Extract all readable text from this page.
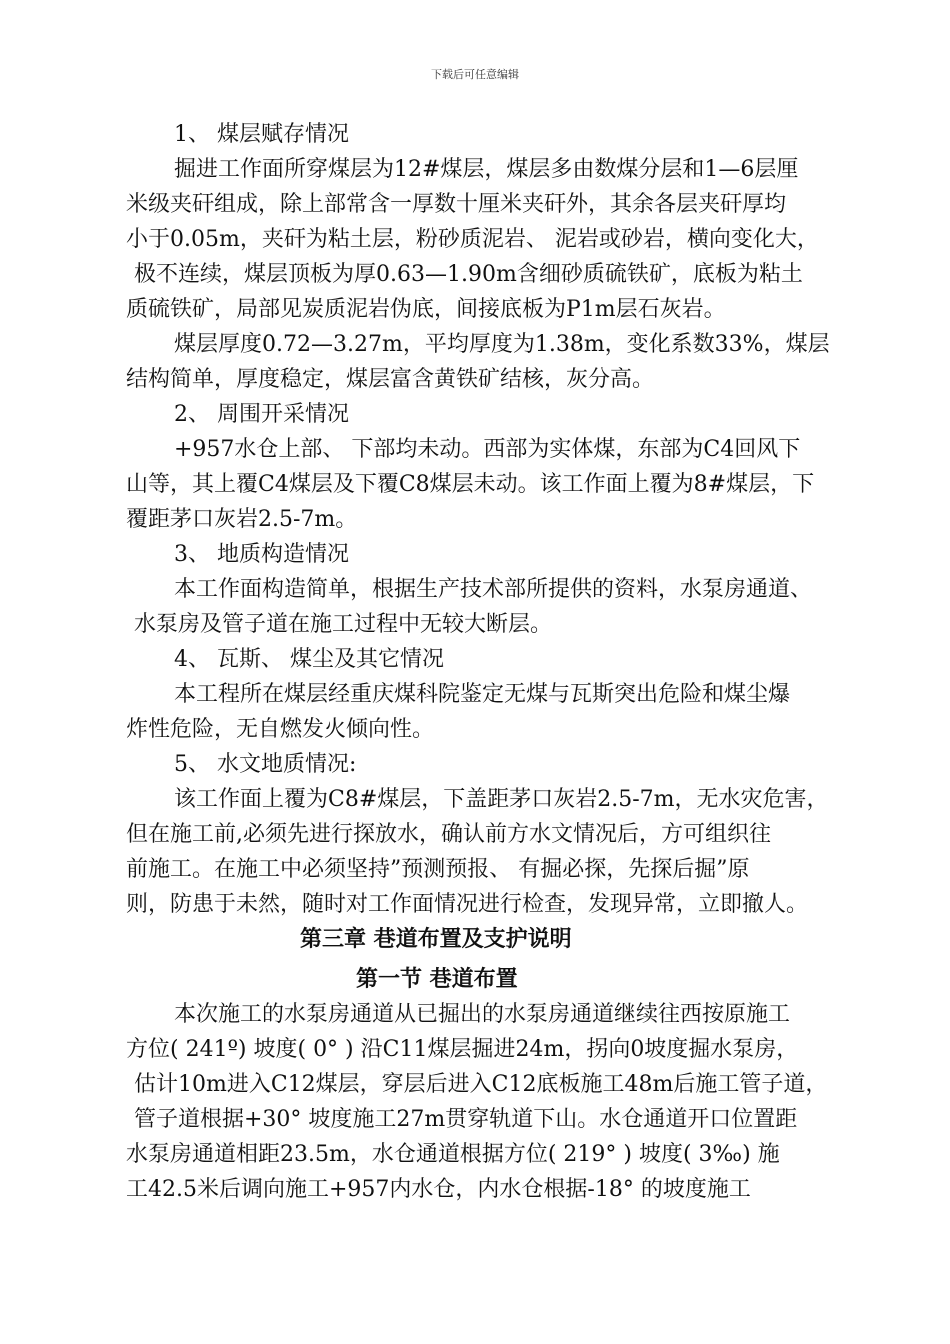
下载后可任意编辑
1、 煤层赋存情况
掘进工作面所穿煤层为12#煤层，煤层多由数煤分层和1—6层厘
米级夹矸组成，除上部常含一厚数十厘米夹矸外，其余各层夹矸厚均
小于0.05m，夹矸为粘土层，粉砂质泥岩、 泥岩或砂岩，横向变化大，
极不连续，煤层顶板为厚0.63—1.90m含细砂质硫铁矿，底板为粘土
质硫铁矿，局部见炭质泥岩伪底，间接底板为P1m层石灰岩。
煤层厚度0.72—3.27m，平均厚度为1.38m，变化系数33%，煤层
结构简单，厚度稳定，煤层富含黄铁矿结核，灰分高。
2、 周围开采情况
+957水仓上部、 下部均未动。西部为实体煤，东部为C4回风下
山等，其上覆C4煤层及下覆C8煤层未动。该工作面上覆为8#煤层，下
覆距茅口灰岩2.5-7m。
3、 地质构造情况
本工作面构造简单，根据生产技术部所提供的资料，水泵房通道、
水泵房及管子道在施工过程中无较大断层。
4、 瓦斯、 煤尘及其它情况
本工程所在煤层经重庆煤科院鉴定无煤与瓦斯突出危险和煤尘爆
炸性危险，无自燃发火倾向性。
5、 水文地质情况:
该工作面上覆为C8#煤层，下盖距茅口灰岩2.5-7m，无水灾危害，
但在施工前,必须先进行探放水，确认前方水文情况后，方可组织往
前施工。在施工中必须坚持”预测预报、 有掘必探，先探后掘”原
则，防患于未然，随时对工作面情况进行检查，发现异常，立即撤人。
第三章 巷道布置及支护说明
第一节 巷道布置
本次施工的水泵房通道从已掘出的水泵房通道继续往西按原施工
方位( 241º) 坡度( 0° ) 沿C11煤层掘进24m，拐向0坡度掘水泵房，
估计10m进入C12煤层，穿层后进入C12底板施工48m后施工管子道，
管子道根据+30° 坡度施工27m贯穿轨道下山。水仓通道开口位置距
水泵房通道相距23.5m，水仓通道根据方位( 219° ) 坡度( 3‰) 施
工42.5米后调向施工+957内水仓，内水仓根据-18° 的坡度施工
